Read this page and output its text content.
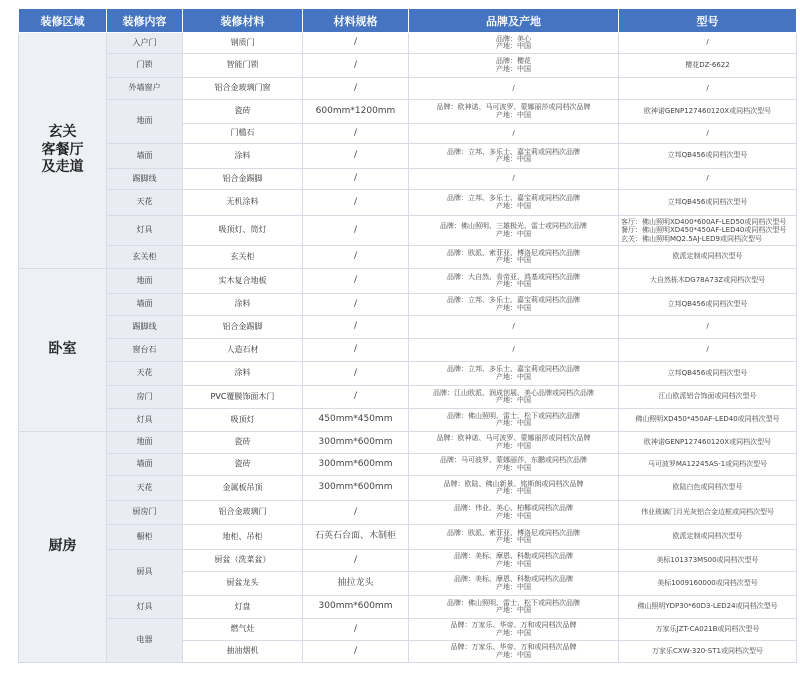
装修区域	装修内容	装修材料	材料规格	品牌及产地	型号

玄关
客餐厅
及走道	入户门	钢质门	/	品牌：美心
产地：中国	/

	门锁	智能门锁	/	品牌：樱花
产地：中国	樱花DZ-6622

	外墙窗户	铝合金玻璃门窗	/	/	/

	地面	瓷砖	600mm*1200mm	品牌：欧神诺、马可波罗、蒙娜丽莎或同档次品牌
产地：中国	欧神诺GENP127460120X或同档次型号

		门槛石	/	/	/

	墙面	涂料	/	品牌：立邦、多乐士、嘉宝莉或同档次品牌
产地：中国	立邦QB456或同档次型号

	踢脚线	铝合金踢脚	/	/	/

	天花	无机涂料	/	品牌：立邦、多乐士、嘉宝莉或同档次品牌
产地：中国	立邦QB456或同档次型号

	灯具	吸顶灯、筒灯	/	品牌：佛山照明、三雄极光、雷士或同档次品牌
产地：中国	客厅：佛山照明XD400*600AF-LED50或同档次型号
餐厅：佛山照明XD450*450AF-LED40或同档次型号
玄关：佛山照明MQ2.5AJ-LED9或同档次型号

	玄关柜	玄关柜	/	品牌：欧派、索菲亚、博洛尼或同档次品牌
产地：中国	欧派定制或同档次型号

卧室	地面	实木复合地板	/	品牌：大自然、肯帝亚、鸿基或同档次品牌
产地：中国	大自然栎木DG78A73Z或同档次型号

	墙面	涂料	/	品牌：立邦、多乐士、嘉宝莉或同档次品牌
产地：中国	立邦QB456或同档次型号

	踢脚线	铝合金踢脚	/	/	/

	窗台石	人造石材	/	/	/

	天花	涂料	/	品牌：立邦、多乐士、嘉宝莉或同档次品牌
产地：中国	立邦QB456或同档次型号

	房门	PVC覆膜饰面木门	/	品牌：江山欧派、润成创展、美心品牌或同档次品牌
产地：中国	江山欧派铝合饰面或同档次型号

	灯具	吸顶灯	450mm*450mm	品牌：佛山照明、雷士、松下或同档次品牌
产地：中国	佛山照明XD450*450AF-LED40或同档次型号

厨房	地面	瓷砖	300mm*600mm	品牌：欧神诺、马可波罗、蒙娜丽莎或同档次品牌
产地：中国	欧神诺GENP127460120X或同档次型号

	墙面	瓷砖	300mm*600mm	品牌：马可波罗、蒙娜丽莎、东鹏或同档次品牌
产地：中国	马可波罗MA12245AS-1或同档次型号

	天花	金属板吊顶	300mm*600mm	品牌：欧陆、佛山新景、铭斯朗或同档次品牌
产地：中国	欧陆白色或同档次型号

	厨房门	铝合金玻璃门	/	品牌：伟业、美心、柏椰或同档次品牌
产地：中国	伟业玻璃门月光灰铝合金边框或同档次型号

	橱柜	地柜、吊柜	石英石台面、木制柜	品牌：欧派、索菲亚、博洛尼或同档次品牌
产地：中国	欧派定制或同档次型号

	厨具	厨盆（洗菜盆）	/	品牌：美标、摩恩、科勒或同档次品牌
产地：中国	美标101373MS00或同档次型号

		厨盆龙头	抽拉龙头	品牌：美标、摩恩、科勒或同档次品牌
产地：中国	美标1009160000或同档次型号

	灯具	灯盘	300mm*600mm	品牌：佛山照明、雷士、松下或同档次品牌
产地：中国	佛山照明YDP30*60D3-LED24或同档次型号

	电器	燃气灶	/	品牌：万家乐、华帝、万和或同档次品牌
产地：中国	万家乐JZT-CA021B或同档次型号

		抽油烟机	/	品牌：万家乐、华帝、万和或同档次品牌
产地：中国	万家乐CXW-320-ST1或同档次型号
